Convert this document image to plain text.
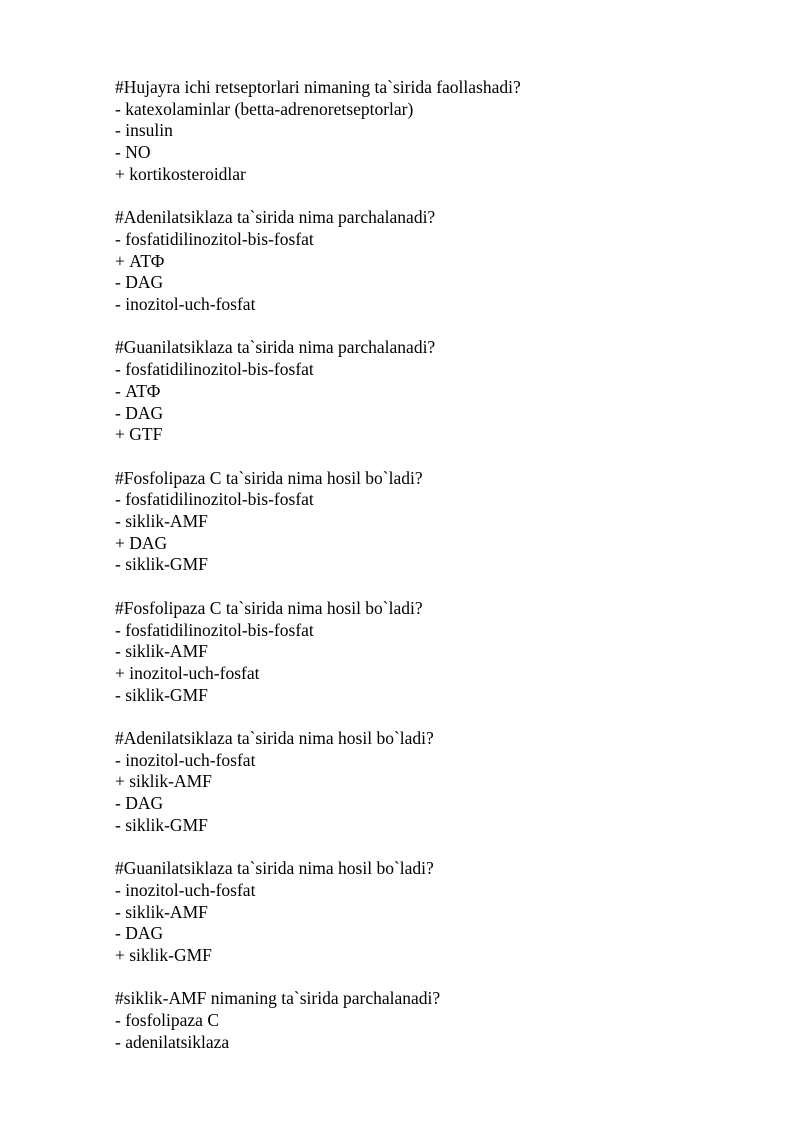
#Hujayra ichi retseptorlari nimaning ta`sirida faollashadi?
- katexolaminlar (betta-adrenoretseptorlar)
- insulin
- NO
+ kortikosteroidlar
#Adenilatsiklaza ta`sirida nima parchalanadi?
- fosfatidilinozitol-bis-fosfat
+ АТФ
- DAG
- inozitol-uch-fosfat
#Guanilatsiklaza ta`sirida nima parchalanadi?
- fosfatidilinozitol-bis-fosfat
- АТФ
- DAG
+ GTF
#Fosfolipaza C ta`sirida nima hosil bo`ladi?
- fosfatidilinozitol-bis-fosfat
- siklik-AMF
+ DAG
- siklik-GMF
#Fosfolipaza C ta`sirida nima hosil bo`ladi?
- fosfatidilinozitol-bis-fosfat
- siklik-AMF
+ inozitol-uch-fosfat
- siklik-GMF
#Adenilatsiklaza ta`sirida nima hosil bo`ladi?
- inozitol-uch-fosfat
+ siklik-AMF
- DAG
- siklik-GMF
#Guanilatsiklaza ta`sirida nima hosil bo`ladi?
- inozitol-uch-fosfat
- siklik-AMF
- DAG
+ siklik-GMF
#siklik-AMF nimaning ta`sirida parchalanadi?
- fosfolipaza C
- adenilatsiklaza
